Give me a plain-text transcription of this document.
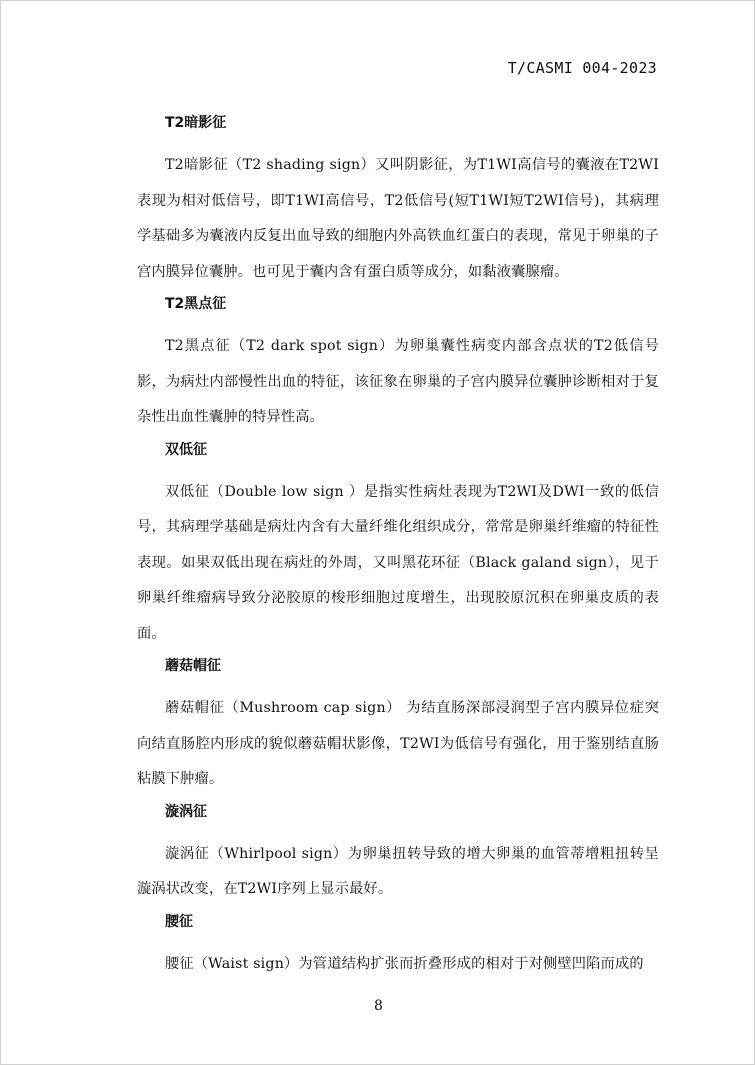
T/CASMI 004-2023
T2暗影征

T2暗影征（T2 shading sign）又叫阴影征，为T1WI高信号的囊液在T2WI表现为相对低信号，即T1WI高信号，T2低信号(短T1WI短T2WI信号)，其病理学基础多为囊液内反复出血导致的细胞内外高铁血红蛋白的表现，常见于卵巢的子宫内膜异位囊肿。也可见于囊内含有蛋白质等成分，如黏液囊腺瘤。

T2黑点征

T2黑点征（T2 dark spot sign）为卵巢囊性病变内部含点状的T2低信号影，为病灶内部慢性出血的特征，该征象在卵巢的子宫内膜异位囊肿诊断相对于复杂性出血性囊肿的特异性高。

双低征

双低征（Double low sign ）是指实性病灶表现为T2WI及DWI一致的低信号，其病理学基础是病灶内含有大量纤维化组织成分，常常是卵巢纤维瘤的特征性表现。如果双低出现在病灶的外周，又叫黑花环征（Black galand sign），见于卵巢纤维瘤病导致分泌胶原的梭形细胞过度增生，出现胶原沉积在卵巢皮质的表面。

蘑菇帽征

蘑菇帽征（Mushroom cap sign） 为结直肠深部浸润型子宫内膜异位症突向结直肠腔内形成的貌似蘑菇帽状影像，T2WI为低信号有强化，用于鉴别结直肠粘膜下肿瘤。

漩涡征

漩涡征（Whirlpool sign）为卵巢扭转导致的增大卵巢的血管蒂增粗扭转呈漩涡状改变，在T2WI序列上显示最好。

腰征

腰征（Waist sign）为管道结构扩张而折叠形成的相对于对侧壁凹陷而成的

8
